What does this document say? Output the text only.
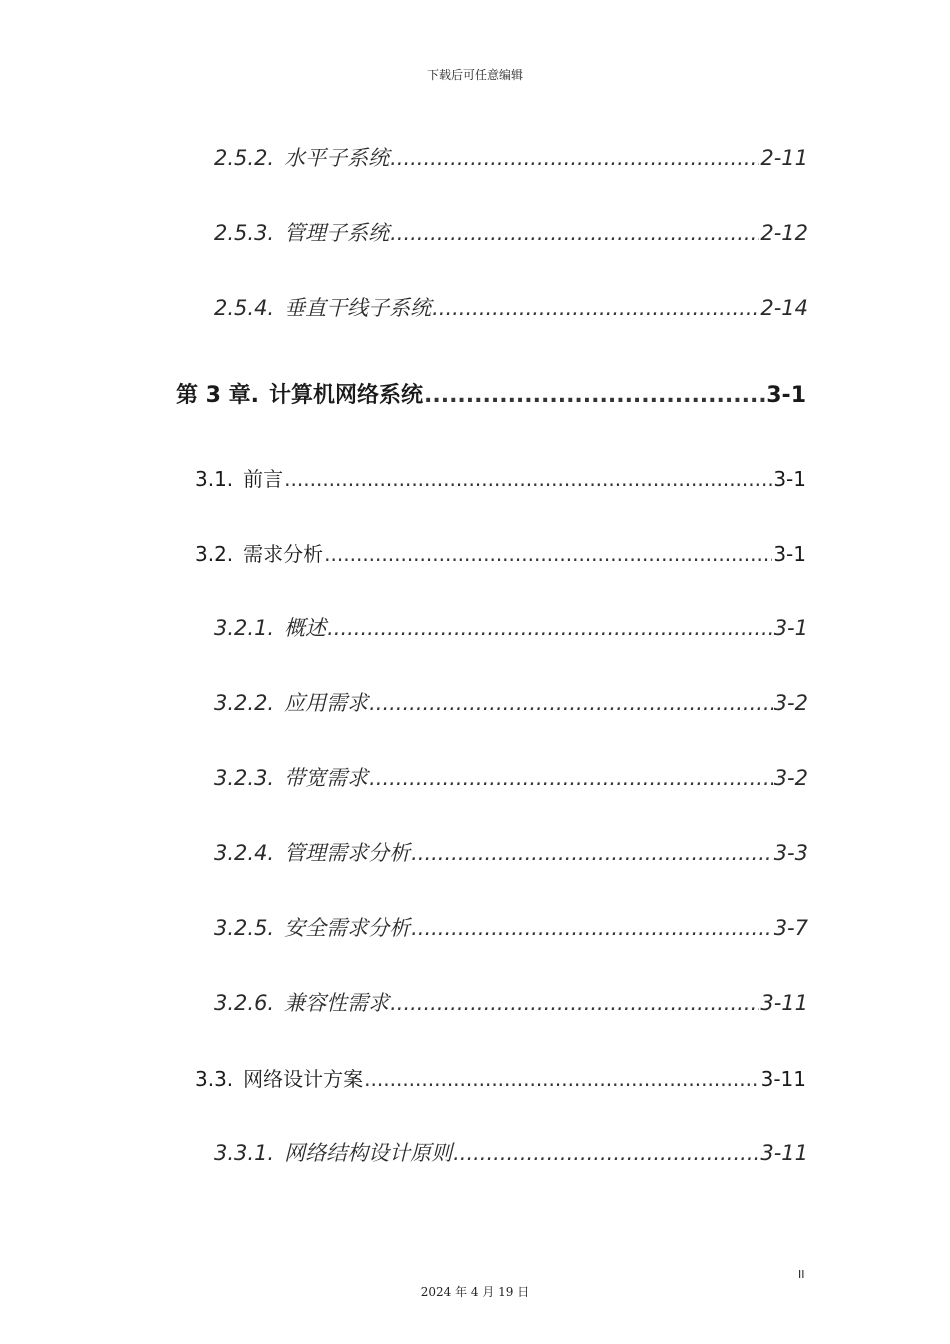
下载后可任意编辑
2.5.2. 水平子系统 .....	2-11
2.5.3. 管理子系统 .....	2-12
2.5.4. 垂直干线子系统 .....	2-14
第 3 章. 计算机网络系统 .....	3-1
3.1. 前言 .....	3-1
3.2. 需求分析 .....	3-1
3.2.1. 概述 .....	3-1
3.2.2. 应用需求 .....	3-2
3.2.3. 带宽需求 .....	3-2
3.2.4. 管理需求分析 .....	3-3
3.2.5. 安全需求分析 .....	3-7
3.2.6. 兼容性需求 .....	3-11
3.3. 网络设计方案 .....	3-11
3.3.1. 网络结构设计原则 .....	3-11
II
2024 年 4 月 19 日
